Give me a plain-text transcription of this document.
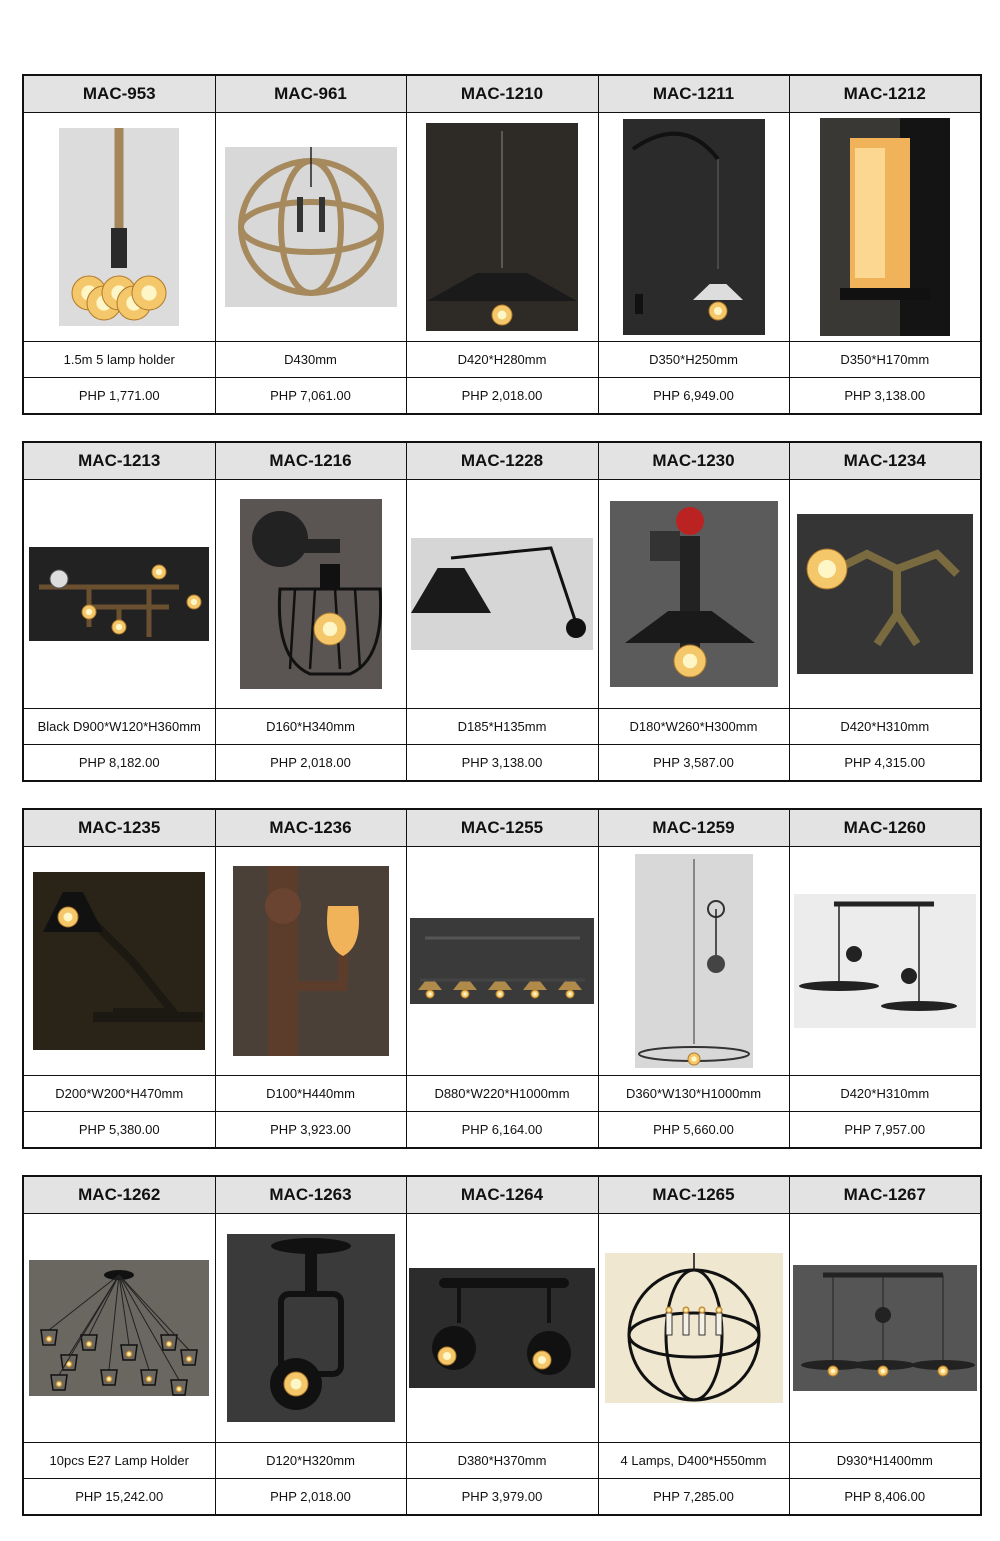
MAC-953	MAC-961	MAC-1210	MAC-1211	MAC-1212

1.5m 5 lamp holder	D430mm	D420*H280mm	D350*H250mm	D350*H170mm
PHP 1,771.00	PHP 7,061.00	PHP 2,018.00	PHP 6,949.00	PHP 3,138.00
MAC-1213	MAC-1216	MAC-1228	MAC-1230	MAC-1234

Black D900*W120*H360mm	D160*H340mm	D185*H135mm	D180*W260*H300mm	D420*H310mm
PHP 8,182.00	PHP 2,018.00	PHP 3,138.00	PHP 3,587.00	PHP 4,315.00
MAC-1235	MAC-1236	MAC-1255	MAC-1259	MAC-1260

D200*W200*H470mm	D100*H440mm	D880*W220*H1000mm	D360*W130*H1000mm	D420*H310mm
PHP 5,380.00	PHP 3,923.00	PHP 6,164.00	PHP 5,660.00	PHP 7,957.00
MAC-1262	MAC-1263	MAC-1264	MAC-1265	MAC-1267

10pcs E27 Lamp Holder	D120*H320mm	D380*H370mm	4 Lamps, D400*H550mm	D930*H1400mm
PHP 15,242.00	PHP 2,018.00	PHP 3,979.00	PHP 7,285.00	PHP 8,406.00
